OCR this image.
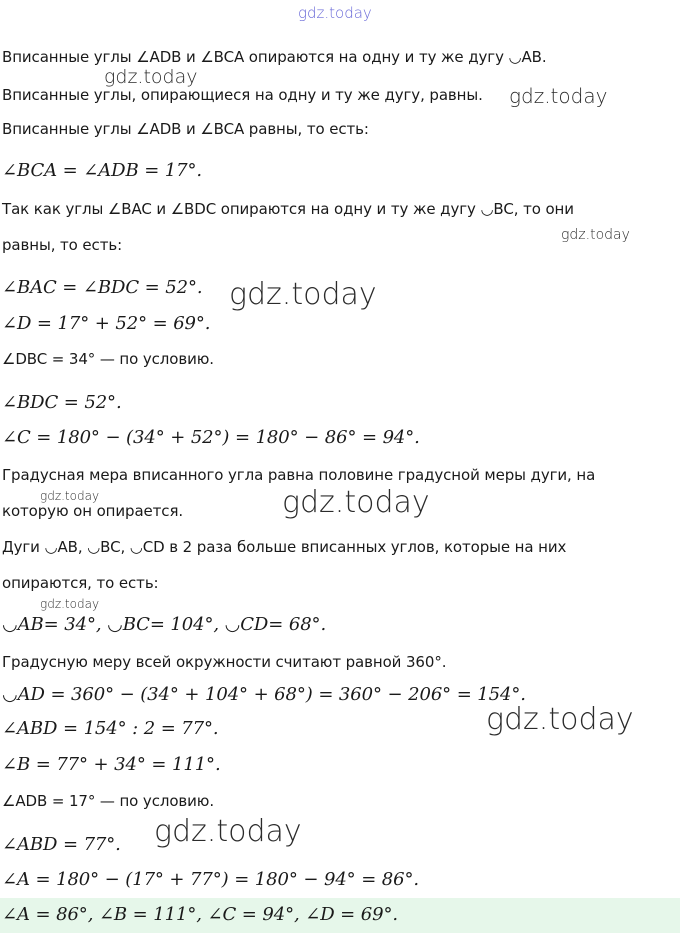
gdz.today
gdz.today
gdz.today
gdz.today
gdz.today
gdz.today	gdz.today
gdz.today
gdz.today
gdz.today
Вписанные углы ∠ADB и ∠BCA опираются на одну и ту же дугу ◡AB.
Вписанные углы, опирающиеся на одну и ту же дугу, равны.
Вписанные углы ∠ADB и ∠BCA равны, то есть:
∠BCA = ∠ADB = 17°.
Так как углы ∠BAC и ∠BDC опираются на одну и ту же дугу ◡BC, то они
равны, то есть:
∠BAC = ∠BDC = 52°.
∠D = 17° + 52° = 69°.
∠DBC = 34° — по условию.
∠BDC = 52°.
∠C = 180° − (34° + 52°) = 180° − 86° = 94°.
Градусная мера вписанного угла равна половине градусной меры дуги, на
которую он опирается.
Дуги ◡AB, ◡BC, ◡CD в 2 раза больше вписанных углов, которые на них
опираются, то есть:
◡AB= 34°, ◡BC= 104°, ◡CD= 68°.
Градусную меру всей окружности считают равной 360°.
◡AD = 360° − (34° + 104° + 68°) = 360° − 206° = 154°.
∠ABD = 154° : 2 = 77°.
∠B = 77° + 34° = 111°.
∠ADB = 17° — по условию.
∠ABD = 77°.
∠A = 180° − (17° + 77°) = 180° − 94° = 86°.
∠A = 86°, ∠B = 111°, ∠C = 94°, ∠D = 69°.
